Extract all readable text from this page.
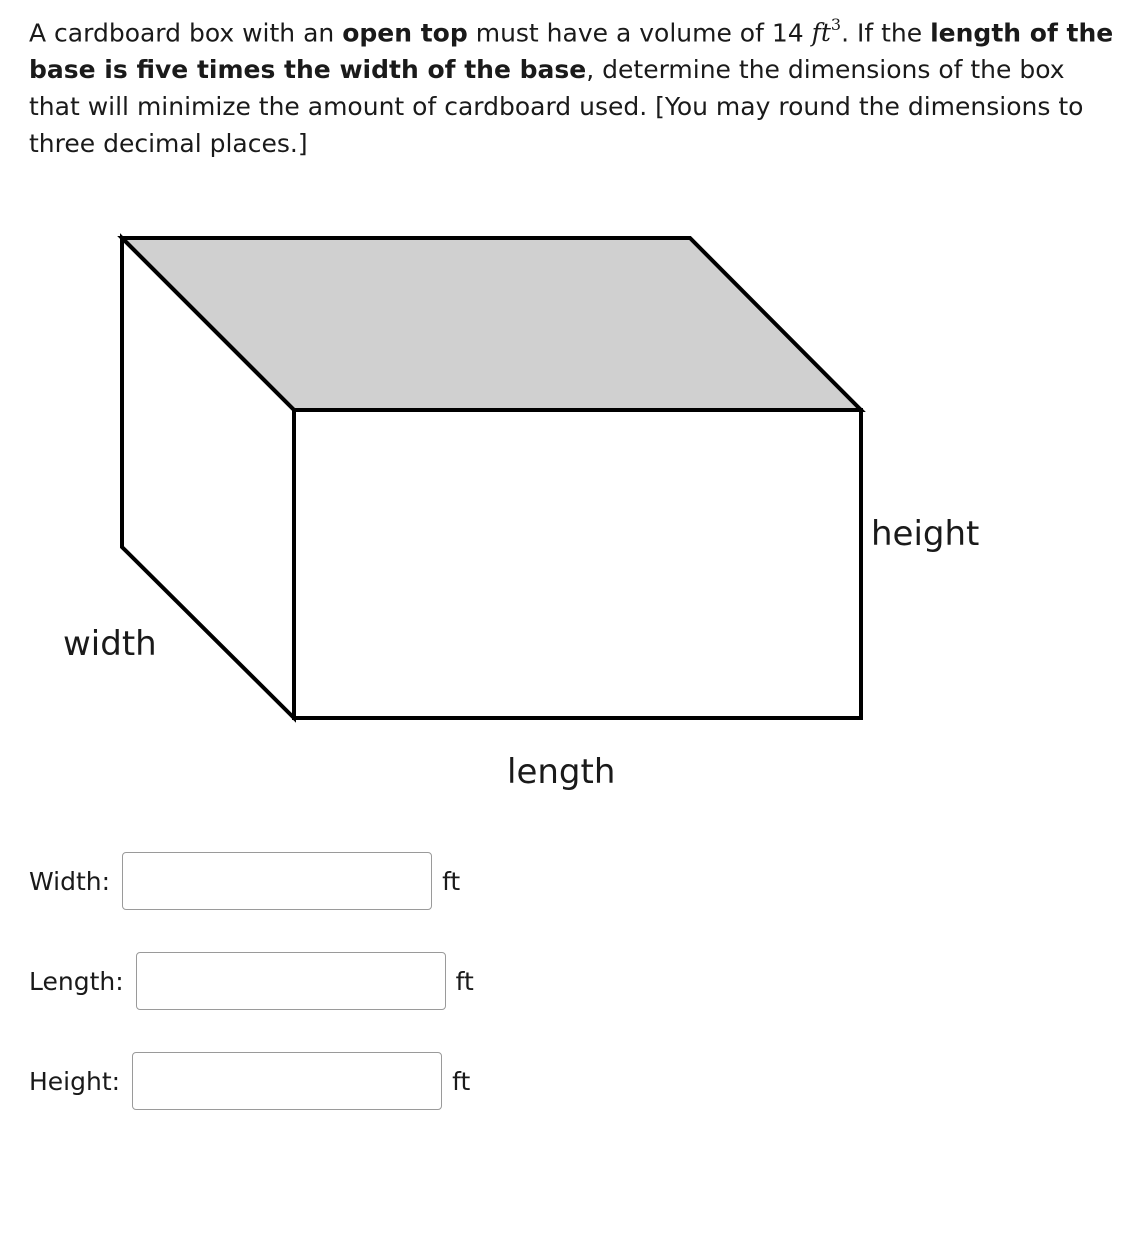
A cardboard box with an open top must have a volume of 14 $ft^3$. If the length of the base is five times the width of the base, determine the dimensions of the box that will minimize the amount of cardboard used. [You may round the dimensions to three decimal places.]

width
length
height
Width:	ft
Length:	ft
Height:	ft
